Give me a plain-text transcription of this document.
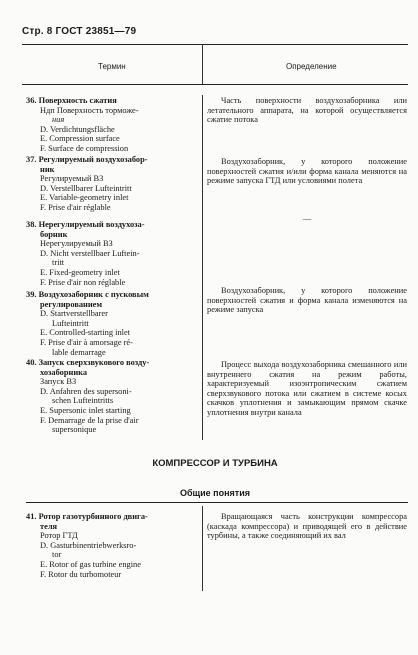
Стр. 8 ГОСТ 23851—79
Термин	Определение
36. Поверхность сжатия
Ндп Поверхность торможе-
ния
D. Verdichtungsfläche
E. Compression surface
F. Surface de compression
Часть поверхности воздухозаборника или летательного аппарата, на которой осуществляется сжатие потока
37. Регулируемый воздухозабор-
ник
Регулируемый ВЗ
D. Verstellbarer Lufteintritt
E. Variable-geometry inlet
F. Prise d'air réglable
Воздухозаборник, у которого положение поверхностей сжатия и/или форма канала меняются на режиме запуска ГТД или условиями полета
38. Нерегулируемый воздухоза-
борник
Нерегулируемый ВЗ
D. Nicht verstellbaer Luftein-
tritt
E. Fixed-geometry inlet
F. Prise d'air non réglable
—
39. Воздухозаборник с пусковым
регулированием
D. Startverstellbarer
Lufteintritt
E. Controlled-starting inlet
F. Prise d'air à amorsage ré-
lable demarrage
Воздухозаборник, у которого положение поверхностей сжатия и форма канала изменяются на режиме запуска
40. Запуск сверхзвукового возду-
хозаборника
Запуск ВЗ
D. Anfahren des supersoni-
schen Lufteintritts
E. Supersonic inlet starting
F. Demarrage de la prise d'air
supersonique
Процесс выхода воздухозаборника смешанного или внутреннего сжатия на режим работы, характеризуемый изоэнтропическим сжатием сверхзвукового потока или сжатием в системе косых скачков уплотнения и замыкающим прямом скачке уплотнения внутри канала
КОМПРЕССОР И ТУРБИНА
Общие понятия
41. Ротор газотурбинного двига-
теля
Ротор ГТД
D. Gasturbinentriebwerksro-
tor
E. Rotor of gas turbine engine
F. Rotor du turbomoteur
Вращающаяся часть конструкции компрессора (каскада компрессора) и приводящей его в действие турбины, а также соединяющий их вал
